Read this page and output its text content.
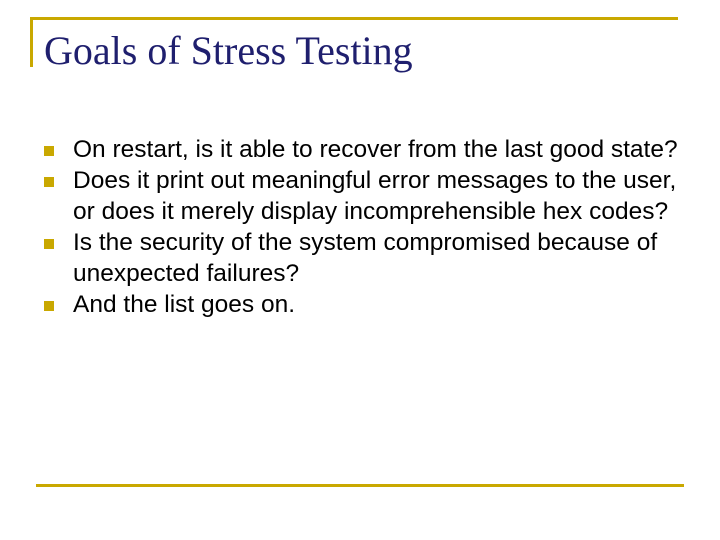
Goals of Stress Testing
On restart, is it able to recover from the last good state?
Does it print out meaningful error messages to the user, or does it merely display incomprehensible hex codes?
Is the security of the system compromised because of unexpected failures?
And the list goes on.
